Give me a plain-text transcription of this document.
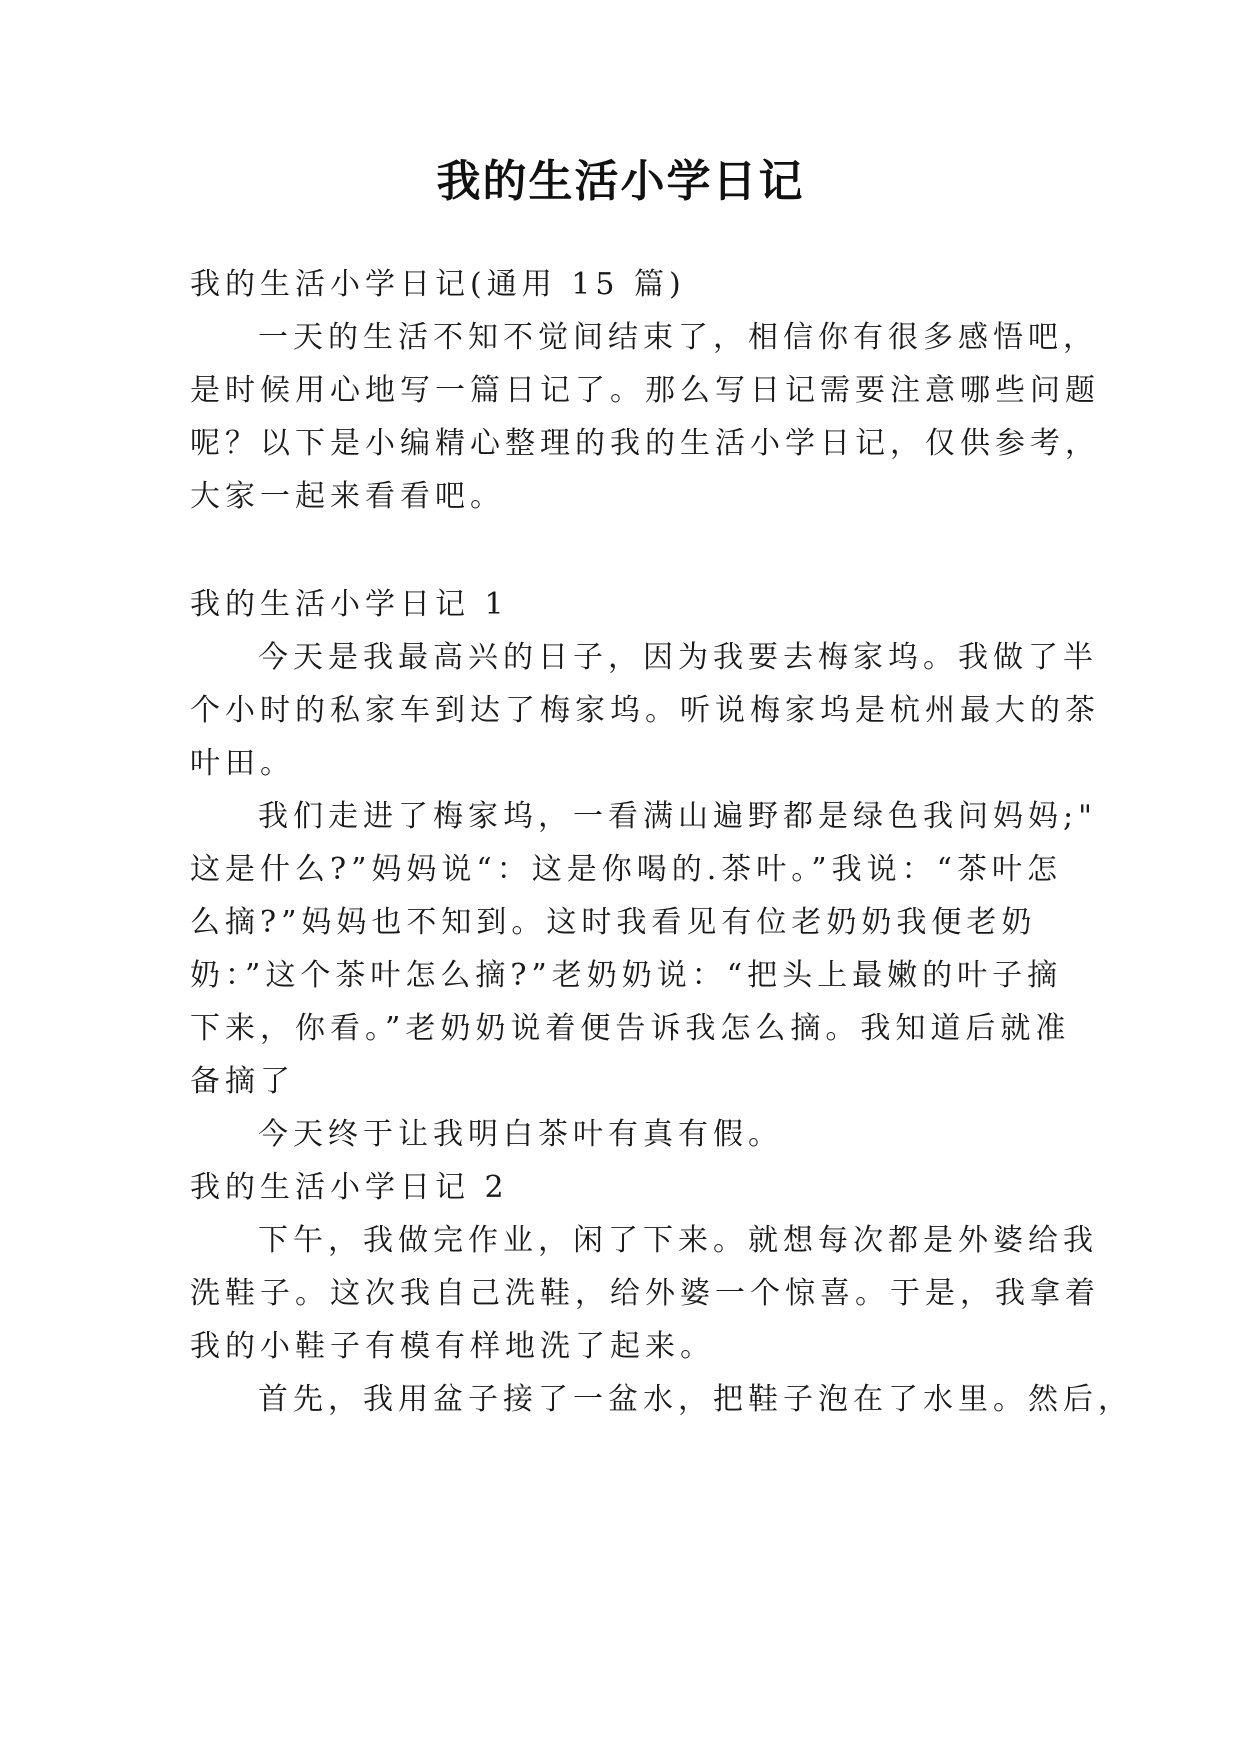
我的生活小学日记
我的生活小学日记(通用 15 篇)
一天的生活不知不觉间结束了，相信你有很多感悟吧，
是时候用心地写一篇日记了。那么写日记需要注意哪些问题
呢？以下是小编精心整理的我的生活小学日记，仅供参考，
大家一起来看看吧。
我的生活小学日记 1
今天是我最高兴的日子，因为我要去梅家坞。我做了半
个小时的私家车到达了梅家坞。听说梅家坞是杭州最大的茶
叶田。
我们走进了梅家坞，一看满山遍野都是绿色我问妈妈;"
这是什么?”妈妈说“：这是你喝的.茶叶。”我说：“茶叶怎
么摘?”妈妈也不知到。这时我看见有位老奶奶我便老奶
奶：”这个茶叶怎么摘?”老奶奶说：“把头上最嫩的叶子摘
下来，你看。”老奶奶说着便告诉我怎么摘。我知道后就准
备摘了
今天终于让我明白茶叶有真有假。
我的生活小学日记 2
下午，我做完作业，闲了下来。就想每次都是外婆给我
洗鞋子。这次我自己洗鞋，给外婆一个惊喜。于是，我拿着
我的小鞋子有模有样地洗了起来。
首先，我用盆子接了一盆水，把鞋子泡在了水里。然后，
